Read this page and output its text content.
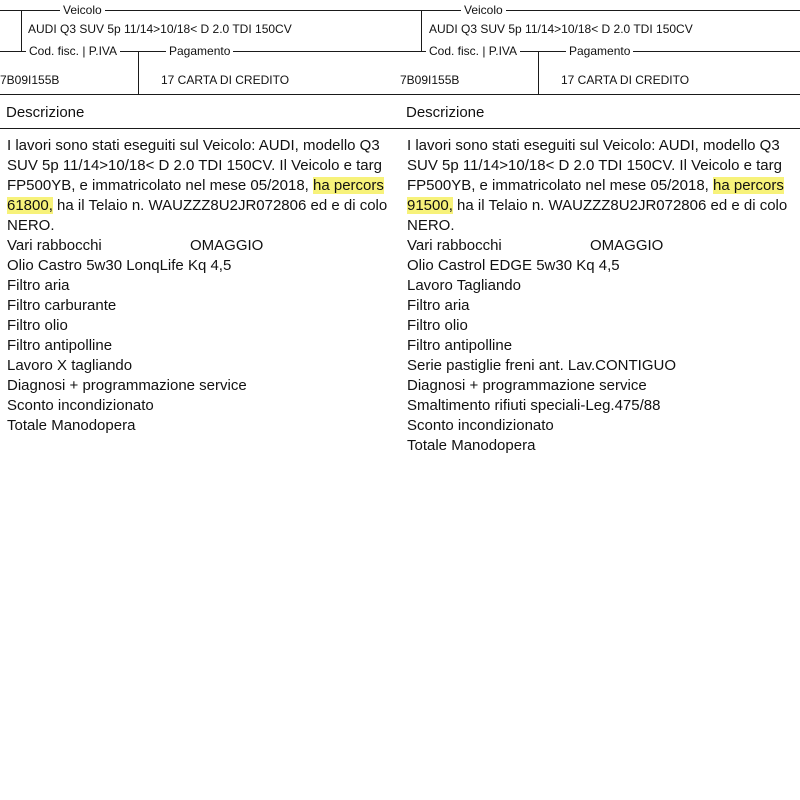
Veicolo
AUDI Q3 SUV 5p 11/14>10/18< D 2.0 TDI 150CV
Cod. fisc. | P.IVA	Pagamento
7B09I155B	17 CARTA DI CREDITO
Descrizione
I lavori sono stati eseguiti sul Veicolo: AUDI, modello Q3
SUV 5p 11/14>10/18< D 2.0 TDI 150CV. Il Veicolo e targ
FP500YB, e immatricolato nel mese 05/2018, ha percors
61800, ha il Telaio n. WAUZZZ8U2JR072806 ed e di colo
NERO.
Vari rabbocchi	OMAGGIO
Olio Castro 5w30 LonqLife Kq 4,5
Filtro aria
Filtro carburante
Filtro olio
Filtro antipolline
Lavoro X tagliando
Diagnosi + programmazione service
Sconto incondizionato
Totale Manodopera
Veicolo
AUDI Q3 SUV 5p 11/14>10/18< D 2.0 TDI 150CV
Cod. fisc. | P.IVA	Pagamento
7B09I155B	17 CARTA DI CREDITO
Descrizione
I lavori sono stati eseguiti sul Veicolo: AUDI, modello Q3
SUV 5p 11/14>10/18< D 2.0 TDI 150CV. Il Veicolo e targ
FP500YB, e immatricolato nel mese 05/2018, ha percors
91500, ha il Telaio n. WAUZZZ8U2JR072806 ed e di colo
NERO.
Vari rabbocchi	OMAGGIO
Olio Castrol EDGE 5w30 Kq 4,5
Lavoro Tagliando
Filtro aria
Filtro olio
Filtro antipolline
Serie pastiglie freni ant. Lav.CONTIGUO
Diagnosi + programmazione service
Smaltimento rifiuti speciali-Leg.475/88
Sconto incondizionato
Totale Manodopera
